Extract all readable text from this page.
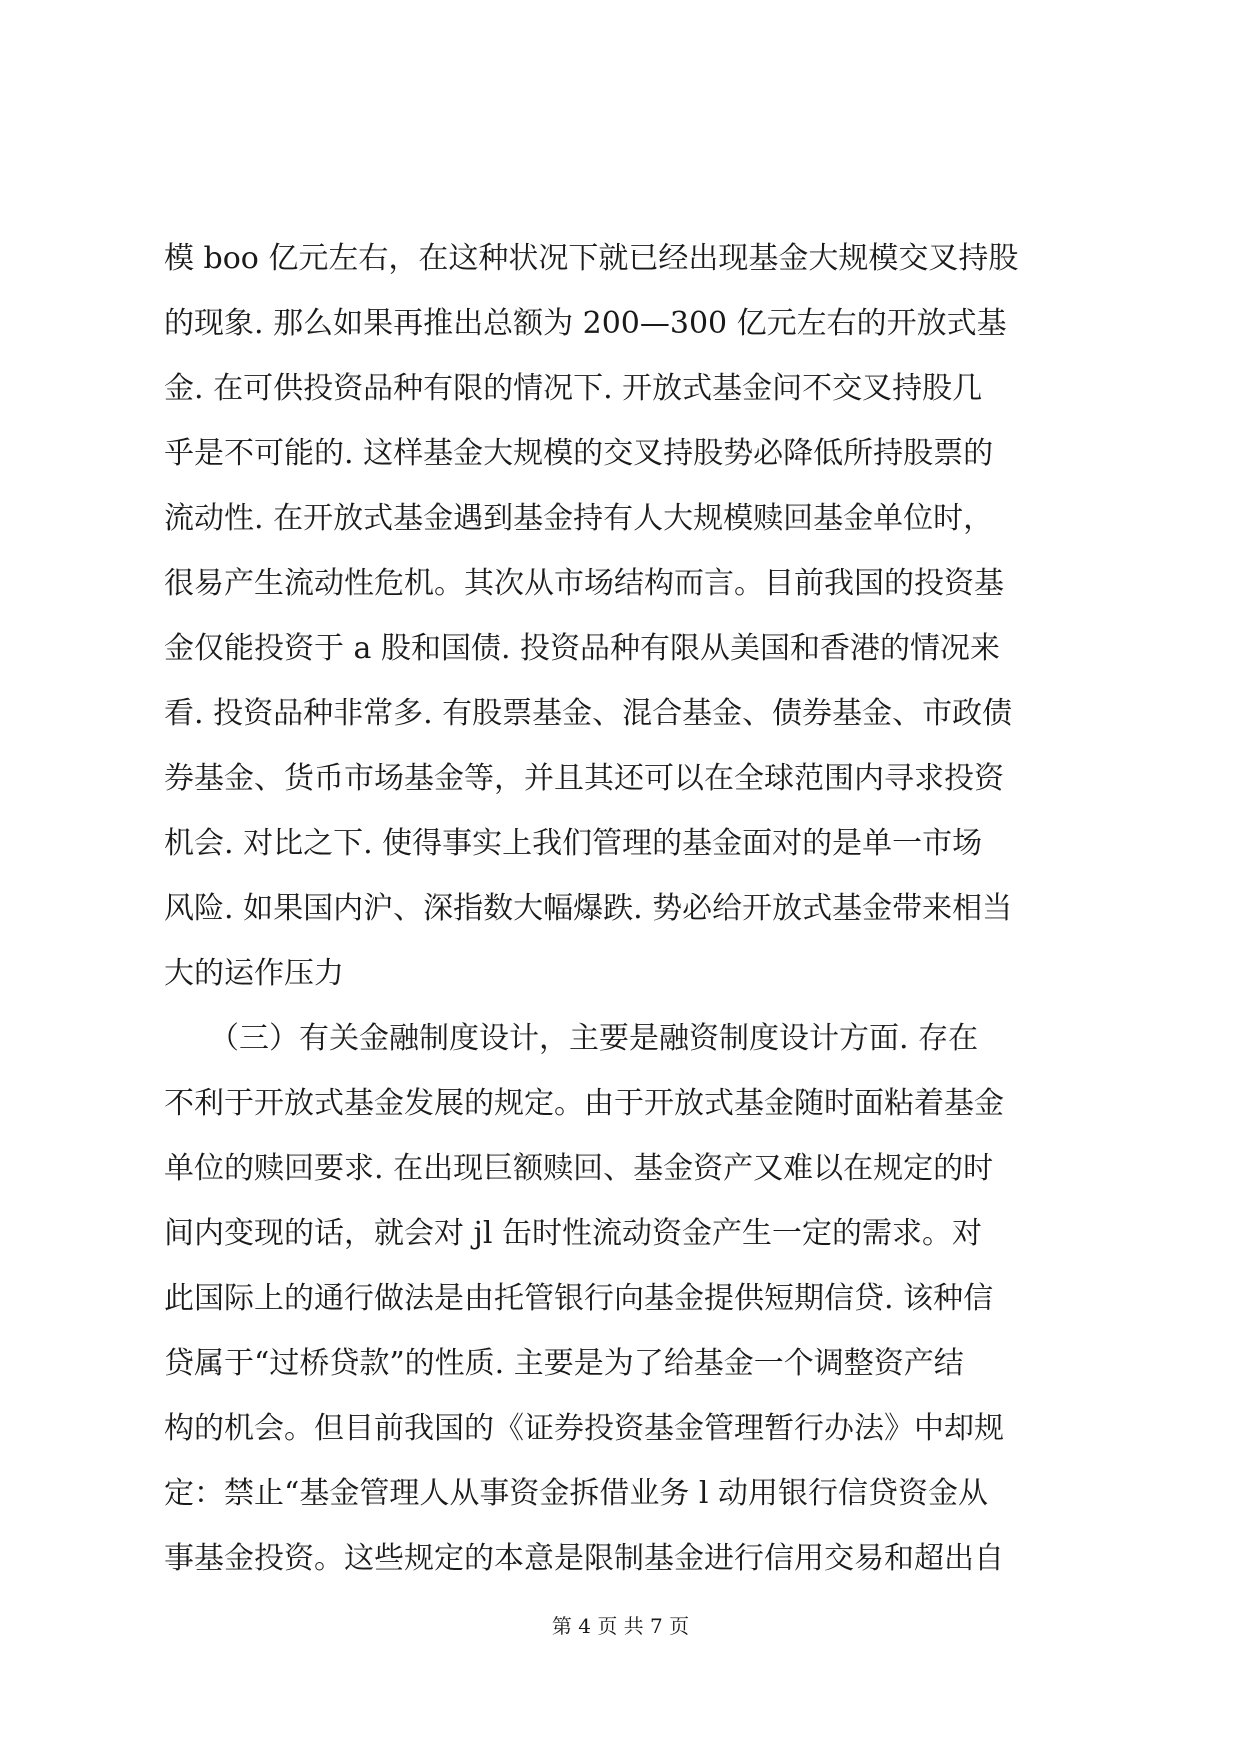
模 boo 亿元左右，在这种状况下就已经出现基金大规模交叉持股
的现象. 那么如果再推出总额为 200—300 亿元左右的开放式基
金. 在可供投资品种有限的情况下. 开放式基金问不交叉持股几
乎是不可能的. 这样基金大规模的交叉持股势必降低所持股票的
流动性. 在开放式基金遇到基金持有人大规模赎回基金单位时，
很易产生流动性危机。其次从市场结构而言。目前我国的投资基
金仅能投资于 a 股和国债. 投资品种有限从美国和香港的情况来
看. 投资品种非常多. 有股票基金、混合基金、债券基金、市政债
券基金、货币市场基金等，并且其还可以在全球范围内寻求投资
机会. 对比之下. 使得事实上我们管理的基金面对的是单一市场
风险. 如果国内沪、深指数大幅爆跌. 势必给开放式基金带来相当
大的运作压力
　　（三）有关金融制度设计，主要是融资制度设计方面. 存在
不利于开放式基金发展的规定。由于开放式基金随时面粘着基金
单位的赎回要求. 在出现巨额赎回、基金资产又难以在规定的时
间内变现的话，就会对 jl 缶时性流动资金产生一定的需求。对
此国际上的通行做法是由托管银行向基金提供短期信贷. 该种信
贷属于“过桥贷款”的性质. 主要是为了给基金一个调整资产结
构的机会。但目前我国的《证券投资基金管理暂行办法》中却规
定：禁止“基金管理人从事资金拆借业务 l 动用银行信贷资金从
事基金投资。这些规定的本意是限制基金进行信用交易和超出自
第 4 页 共 7 页
